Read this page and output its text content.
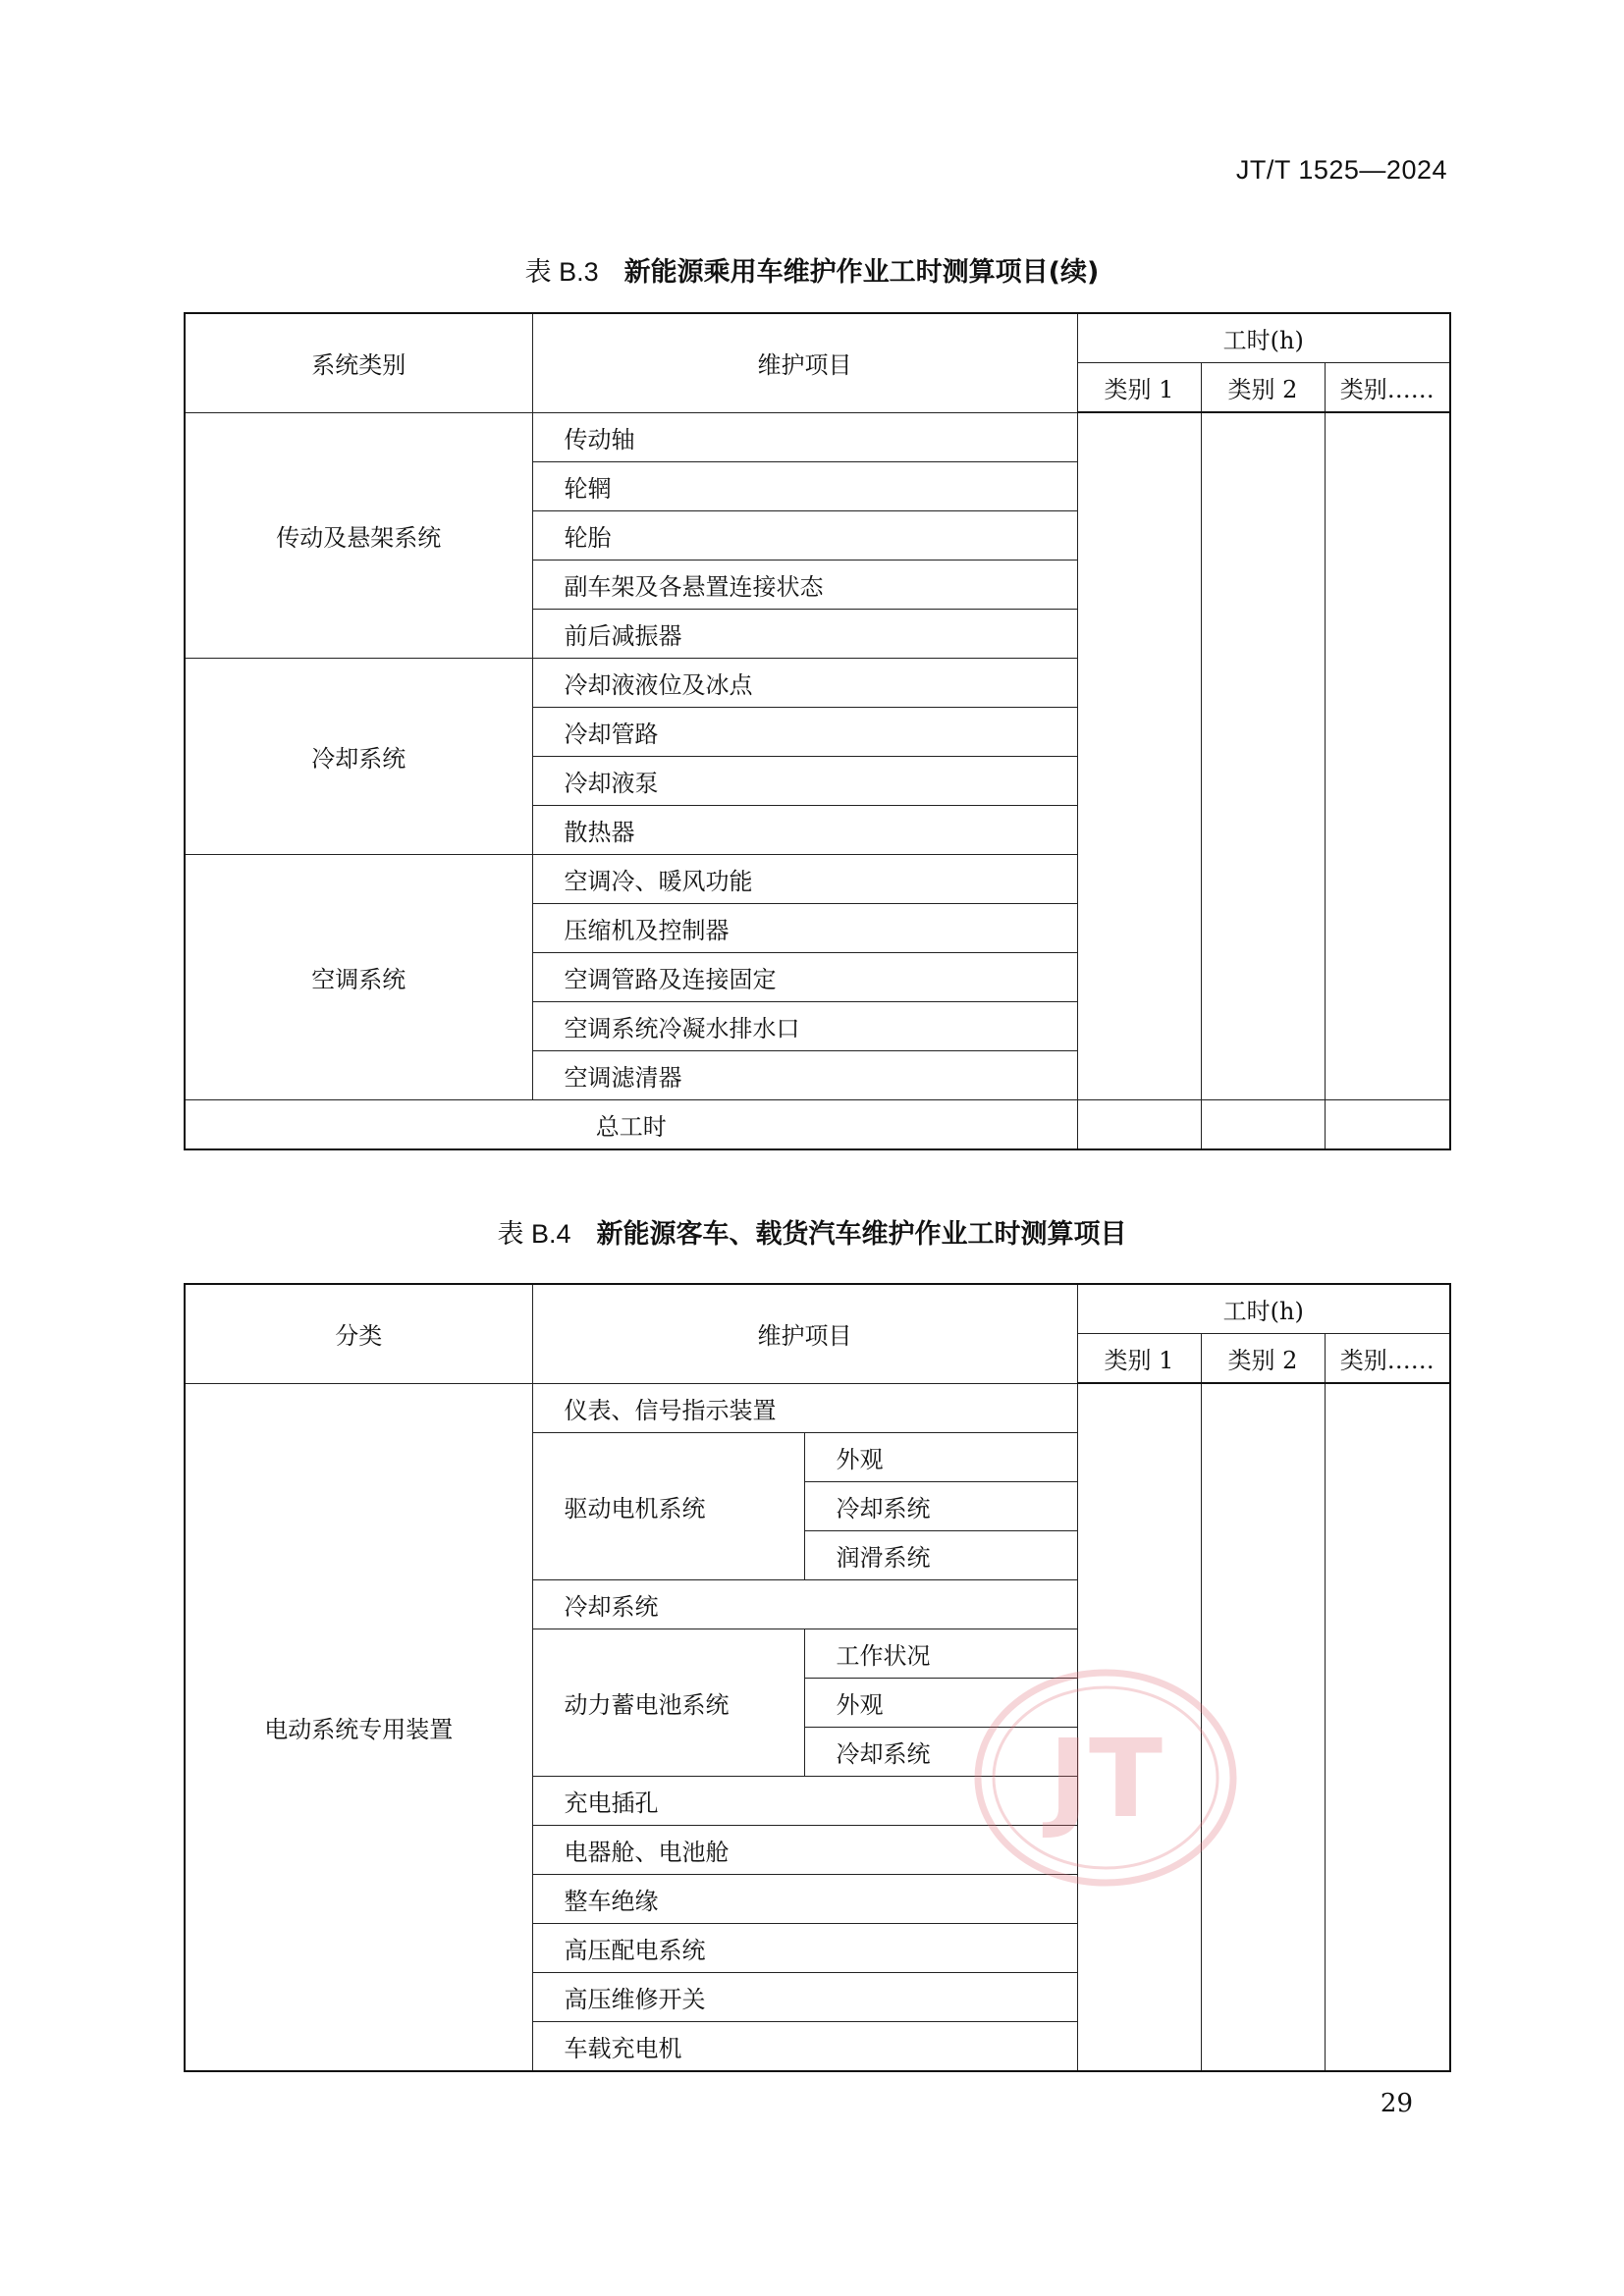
JT/T 1525—2024
表 B.3 新能源乘用车维护作业工时测算项目(续)
系统类别	维护项目	工时(h)		
		类别 1	类别 2	类别……
传动及悬架系统	传动轴			
	轮辋			
	轮胎			
	副车架及各悬置连接状态			
	前后减振器			
冷却系统	冷却液液位及冰点			
	冷却管路			
	冷却液泵			
	散热器			
空调系统	空调冷、暖风功能			
	压缩机及控制器			
	空调管路及连接固定			
	空调系统冷凝水排水口			
	空调滤清器			
总工时				
表 B.4 新能源客车、载货汽车维护作业工时测算项目
分类	维护项目		工时(h)		
			类别 1	类别 2	类别……
电动系统专用装置	仪表、信号指示装置				
	驱动电机系统	外观			
		冷却系统			
		润滑系统			
	冷却系统				
	动力蓄电池系统	工作状况			
		外观			
		冷却系统			
	充电插孔				
	电器舱、电池舱				
	整车绝缘				
	高压配电系统				
	高压维修开关				
	车载充电机				
JT
29
